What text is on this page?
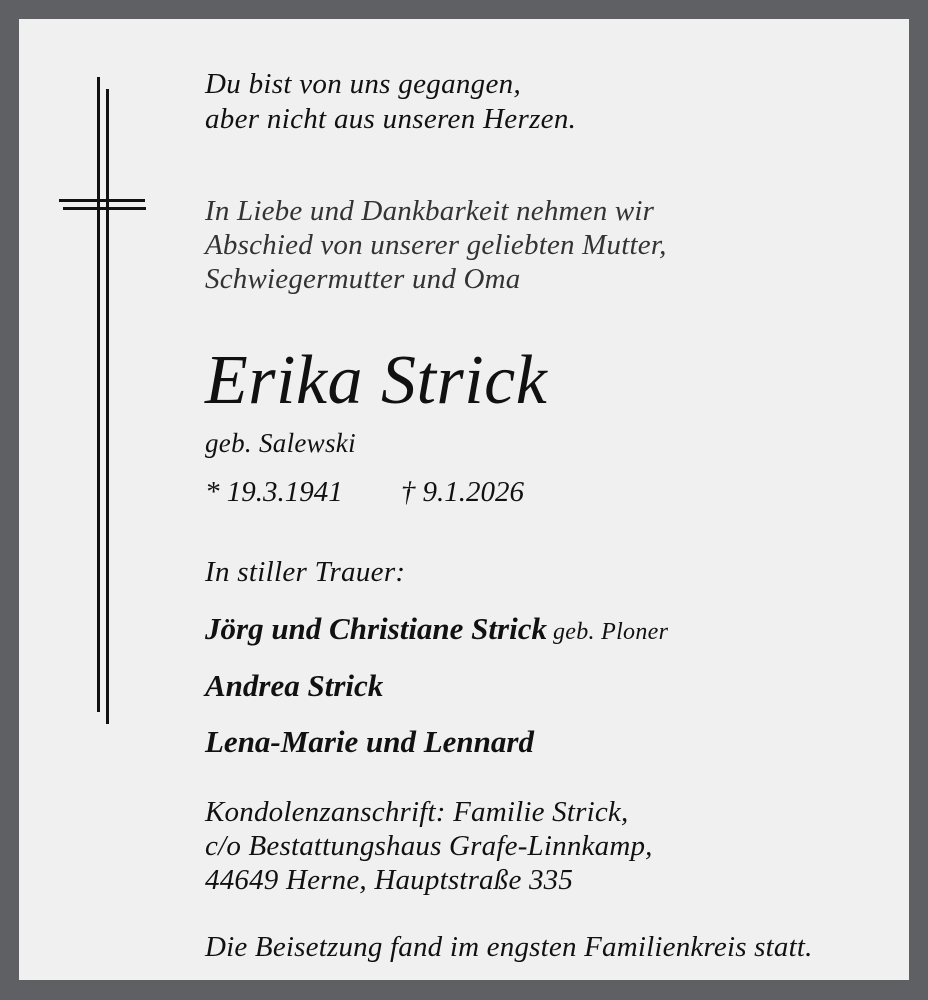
Du bist von uns gegangen,
aber nicht aus unseren Herzen.
In Liebe und Dankbarkeit nehmen wir
Abschied von unserer geliebten Mutter,
Schwiegermutter und Oma
Erika Strick
geb. Salewski
* 19.3.1941 † 9.1.2026
In stiller Trauer:
Jörg und Christiane Strick geb. Ploner
Andrea Strick
Lena-Marie und Lennard
Kondolenzanschrift: Familie Strick,
c/o Bestattungshaus Grafe-Linnkamp,
44649 Herne, Hauptstraße 335
Die Beisetzung fand im engsten Familienkreis statt.
